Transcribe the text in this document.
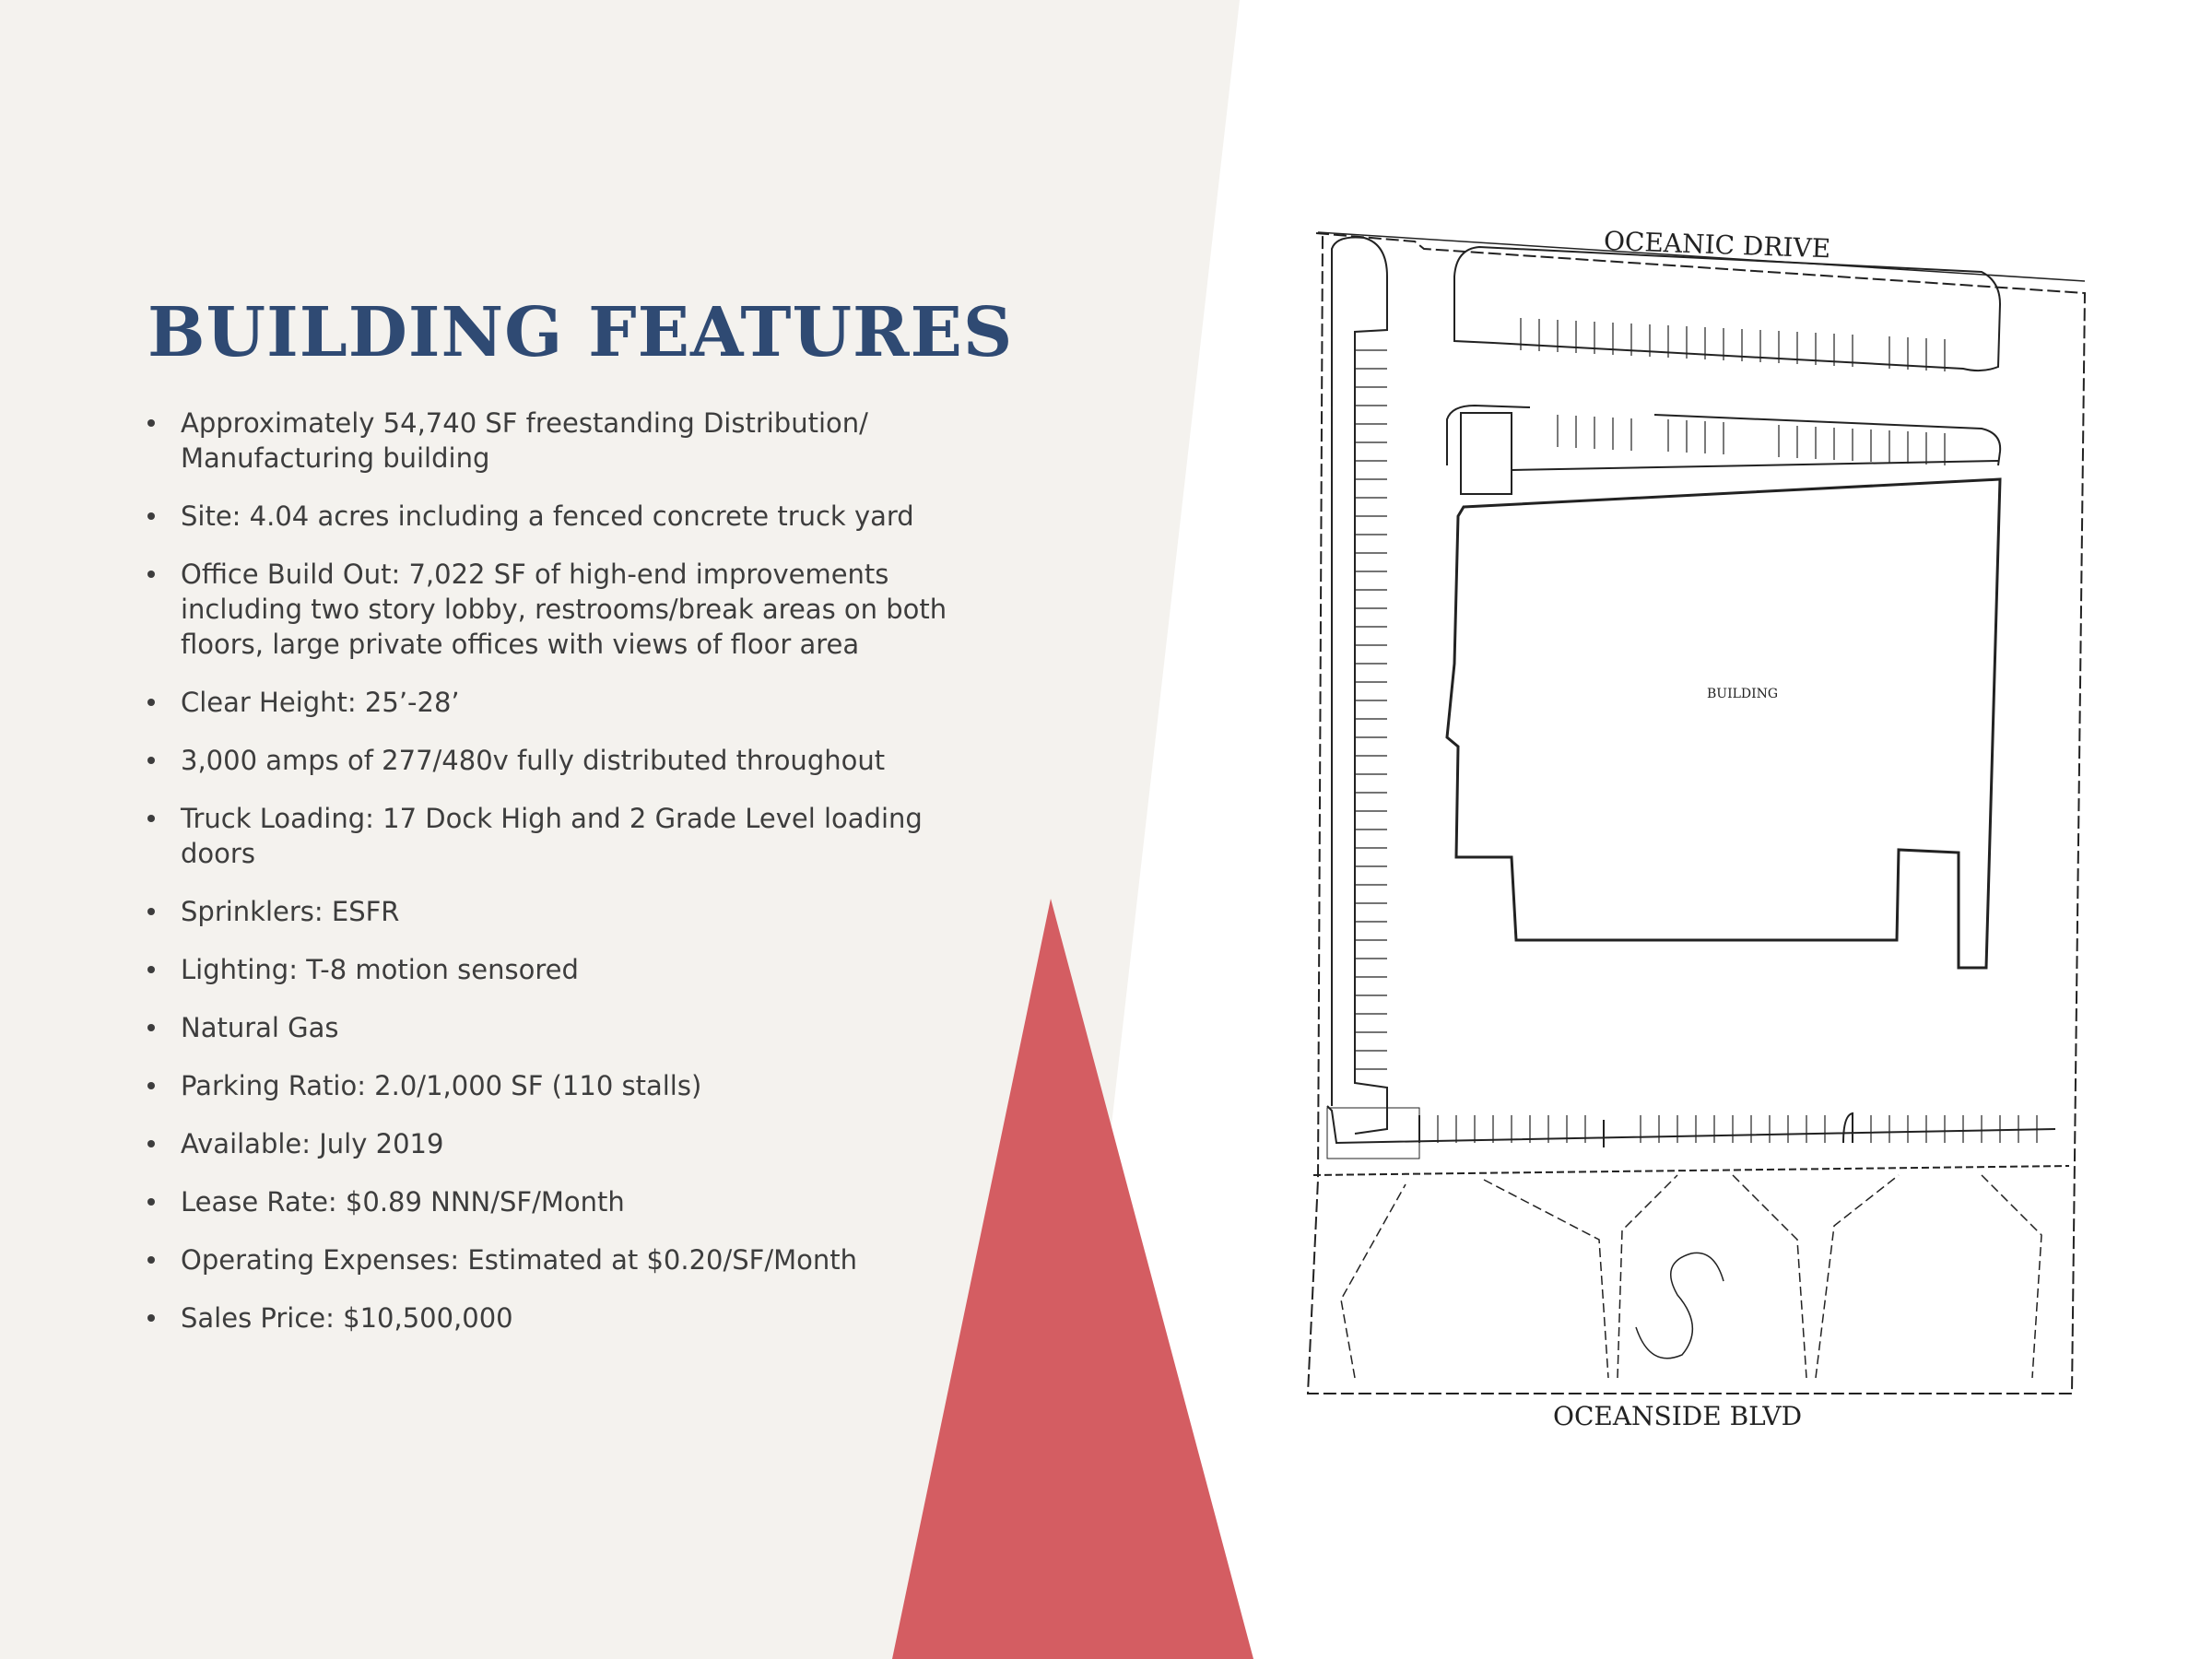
BUILDING FEATURES
Approximately 54,740 SF freestanding Distribution/ Manufacturing building
Site: 4.04 acres including a fenced concrete truck yard
Office Build Out: 7,022 SF of high-end improvements including two story lobby, restrooms/break areas on both floors, large private offices with views of floor area
Clear Height: 25’-28’
3,000 amps of 277/480v fully distributed throughout
Truck Loading: 17 Dock High and 2 Grade Level loading doors
Sprinklers: ESFR
Lighting: T-8 motion sensored
Natural Gas
Parking Ratio: 2.0/1,000 SF (110 stalls)
Available: July 2019
Lease Rate: $0.89 NNN/SF/Month
Operating Expenses: Estimated at $0.20/SF/Month
Sales Price: $10,500,000
OCEANIC DRIVE
BUILDING
OCEANSIDE BLVD
